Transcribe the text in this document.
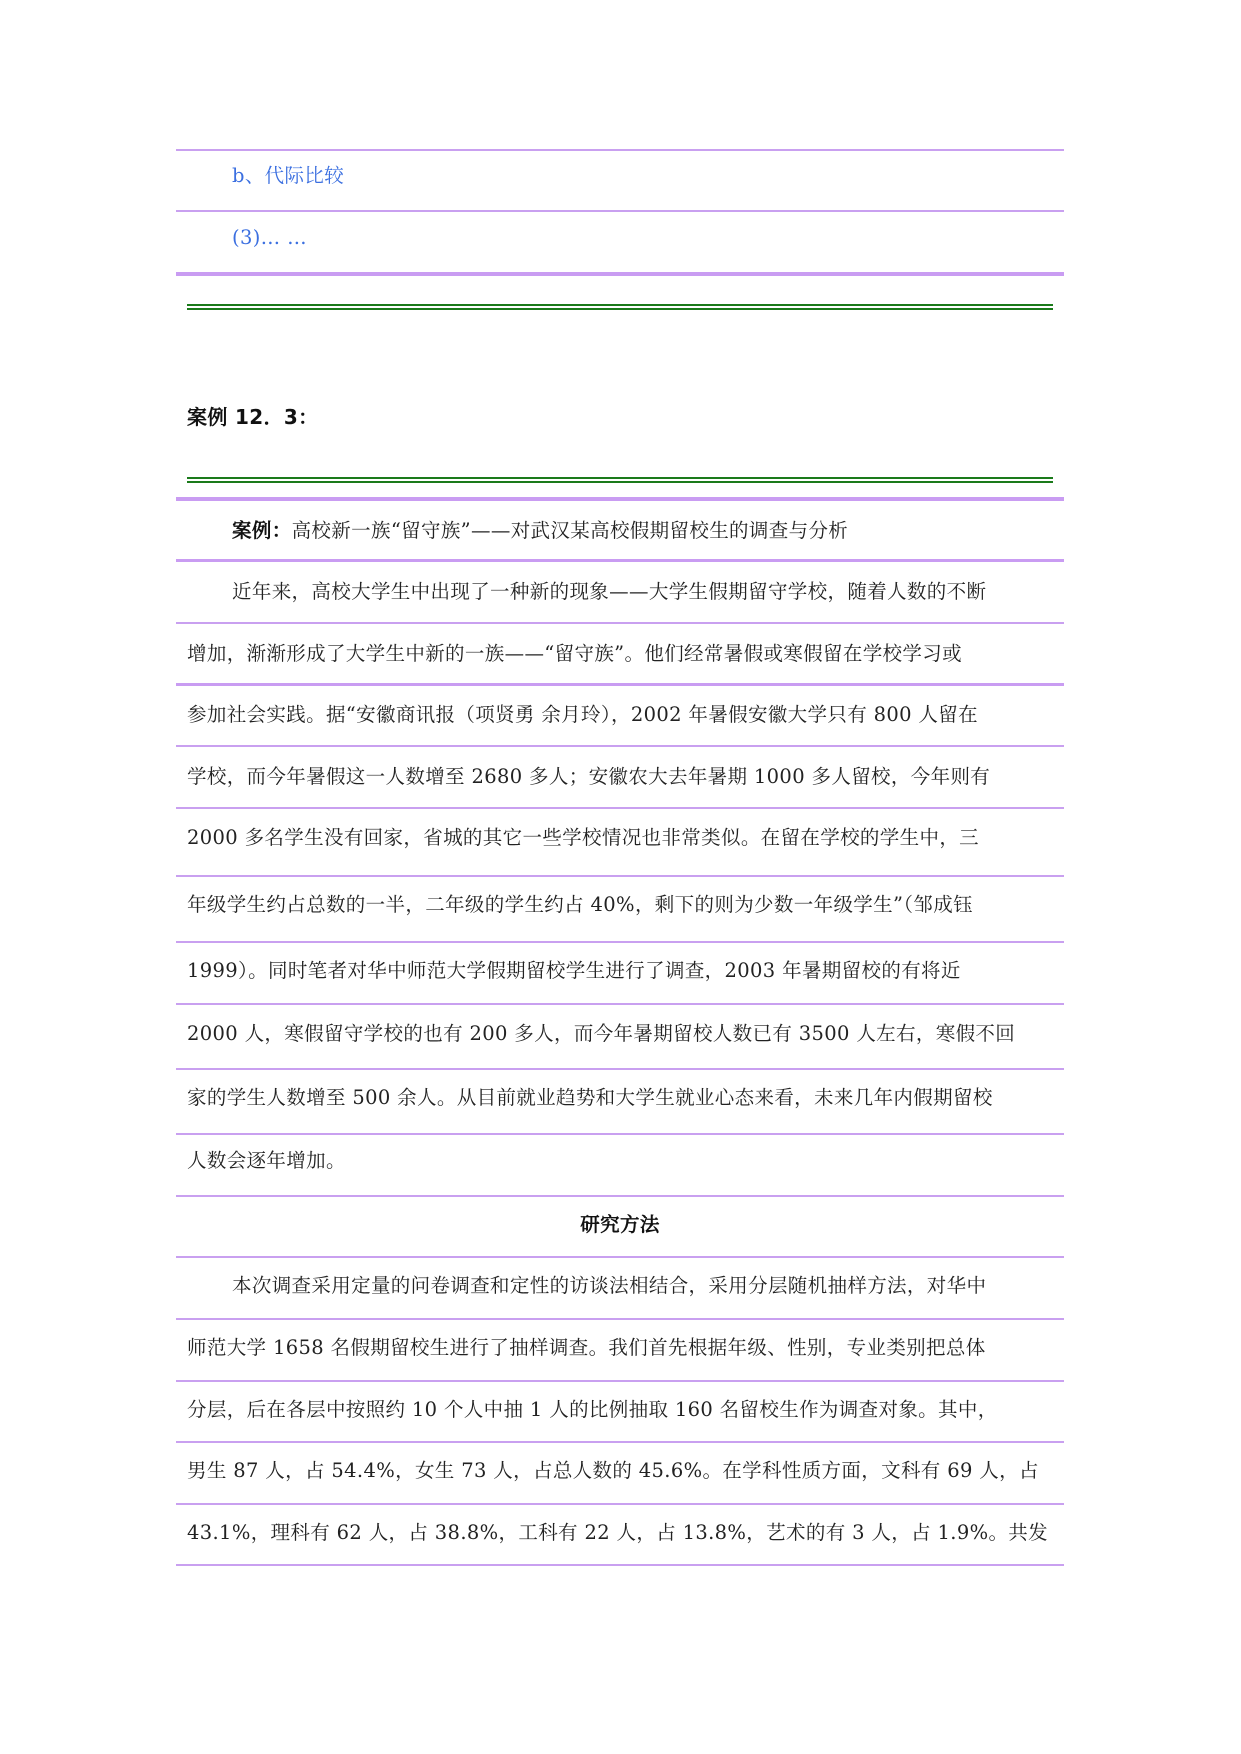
b、代际比较
(3)… …
案例 12．3：
案例：高校新一族“留守族”——对武汉某高校假期留校生的调查与分析
近年来，高校大学生中出现了一种新的现象——大学生假期留守学校，随着人数的不断
增加，渐渐形成了大学生中新的一族——“留守族”。他们经常暑假或寒假留在学校学习或
参加社会实践。据“安徽商讯报（项贤勇 余月玲），2002 年暑假安徽大学只有 800 人留在
学校，而今年暑假这一人数增至 2680 多人；安徽农大去年暑期 1000 多人留校，今年则有
2000 多名学生没有回家，省城的其它一些学校情况也非常类似。在留在学校的学生中，三
年级学生约占总数的一半，二年级的学生约占 40%，剩下的则为少数一年级学生”（邹成钰
1999）。同时笔者对华中师范大学假期留校学生进行了调查，2003 年暑期留校的有将近
2000 人，寒假留守学校的也有 200 多人，而今年暑期留校人数已有 3500 人左右，寒假不回
家的学生人数增至 500 余人。从目前就业趋势和大学生就业心态来看，未来几年内假期留校
人数会逐年增加。
研究方法
本次调查采用定量的问卷调查和定性的访谈法相结合，采用分层随机抽样方法，对华中
师范大学 1658 名假期留校生进行了抽样调查。我们首先根据年级、性别，专业类别把总体
分层，后在各层中按照约 10 个人中抽 1 人的比例抽取 160 名留校生作为调查对象。其中，
男生 87 人，占 54.4%，女生 73 人，占总人数的 45.6%。在学科性质方面，文科有 69 人，占
43.1%，理科有 62 人，占 38.8%，工科有 22 人，占 13.8%，艺术的有 3 人，占 1.9%。共发
